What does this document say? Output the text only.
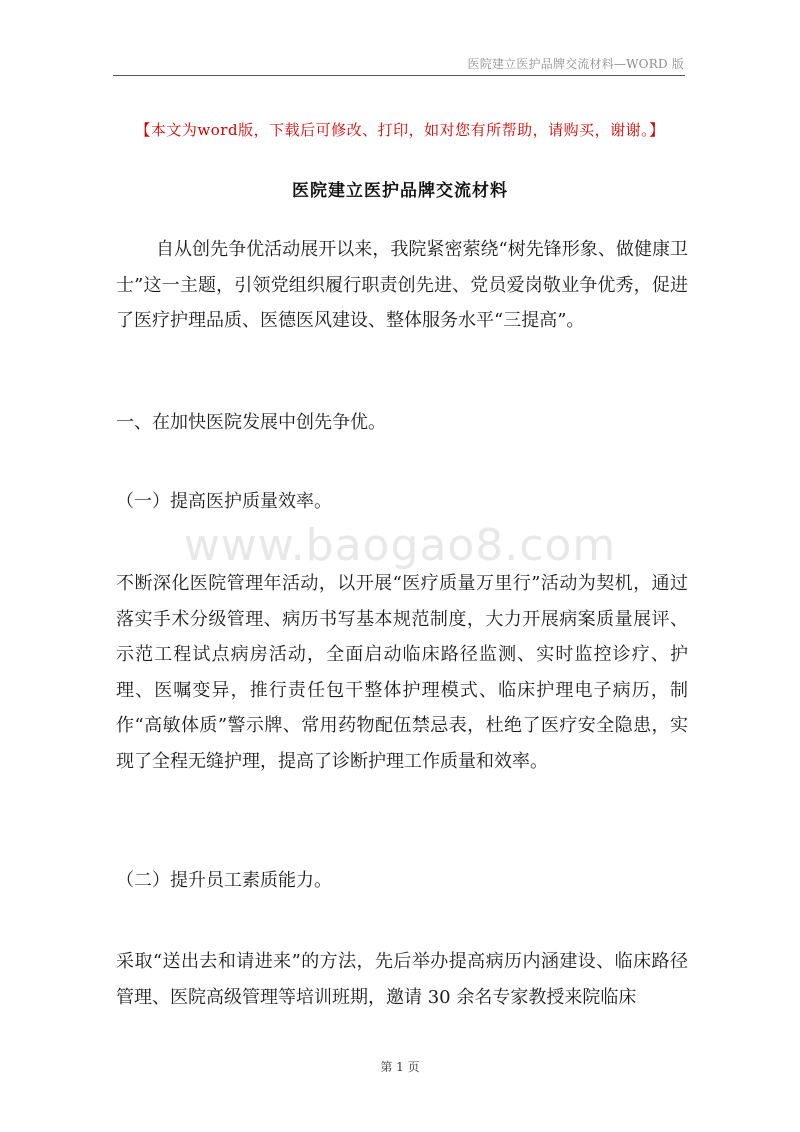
医院建立医护品牌交流材料—WORD 版
【本文为word版，下载后可修改、打印，如对您有所帮助，请购买，谢谢。】
医院建立医护品牌交流材料

自从创先争优活动展开以来，我院紧密萦绕“树先锋形象、做健康卫士”这一主题，引领党组织履行职责创先进、党员爱岗敬业争优秀，促进了医疗护理品质、医德医风建设、整体服务水平“三提高”。

一、在加快医院发展中创先争优。

（一）提高医护质量效率。

www.baogao8.com

不断深化医院管理年活动，以开展“医疗质量万里行”活动为契机，通过落实手术分级管理、病历书写基本规范制度，大力开展病案质量展评、示范工程试点病房活动，全面启动临床路径监测、实时监控诊疗、护理、医嘱变异，推行责任包干整体护理模式、临床护理电子病历，制作“高敏体质”警示牌、常用药物配伍禁忌表，杜绝了医疗安全隐患，实现了全程无缝护理，提高了诊断护理工作质量和效率。

（二）提升员工素质能力。

采取“送出去和请进来”的方法，先后举办提高病历内涵建设、临床路径管理、医院高级管理等培训班期，邀请 30 余名专家教授来院临床

第 1 页
